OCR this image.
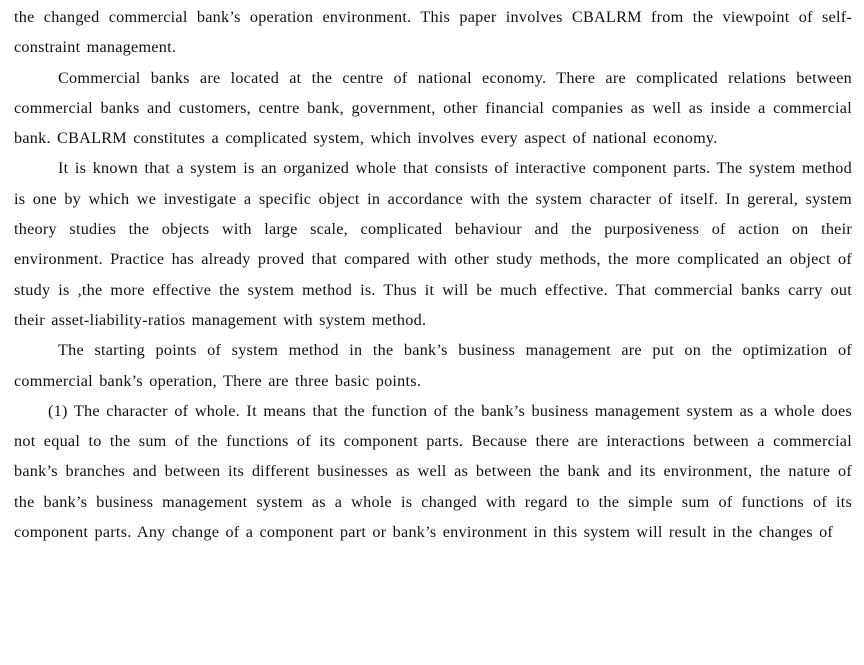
the changed commercial bank’s operation environment. This paper involves CBALRM from the viewpoint of self-constraint management.

Commercial banks are located at the centre of national economy. There are complicated relations between commercial banks and customers, centre bank, government, other financial companies as well as inside a commercial bank. CBALRM constitutes a complicated system, which involves every aspect of national economy.

It is known that a system is an organized whole that consists of interactive component parts. The system method is one by which we investigate a specific object in accordance with the system character of itself. In gereral, system theory studies the objects with large scale, complicated behaviour and the purposiveness of action on their environment. Practice has already proved that compared with other study methods, the more complicated an object of study is ,the more effective the system method is. Thus it will be much effective. That commercial banks carry out their asset-liability-ratios management with system method.

The starting points of system method in the bank’s business management are put on the optimization of commercial bank’s operation, There are three basic points.

(1) The character of whole. It means that the function of the bank’s business management system as a whole does not equal to the sum of the functions of its component parts. Because there are interactions between a commercial bank’s branches and between its different businesses as well as between the bank and its environment, the nature of the bank’s business management system as a whole is changed with regard to the simple sum of functions of its component parts. Any change of a component part or bank’s environment in this system will result in the changes of
